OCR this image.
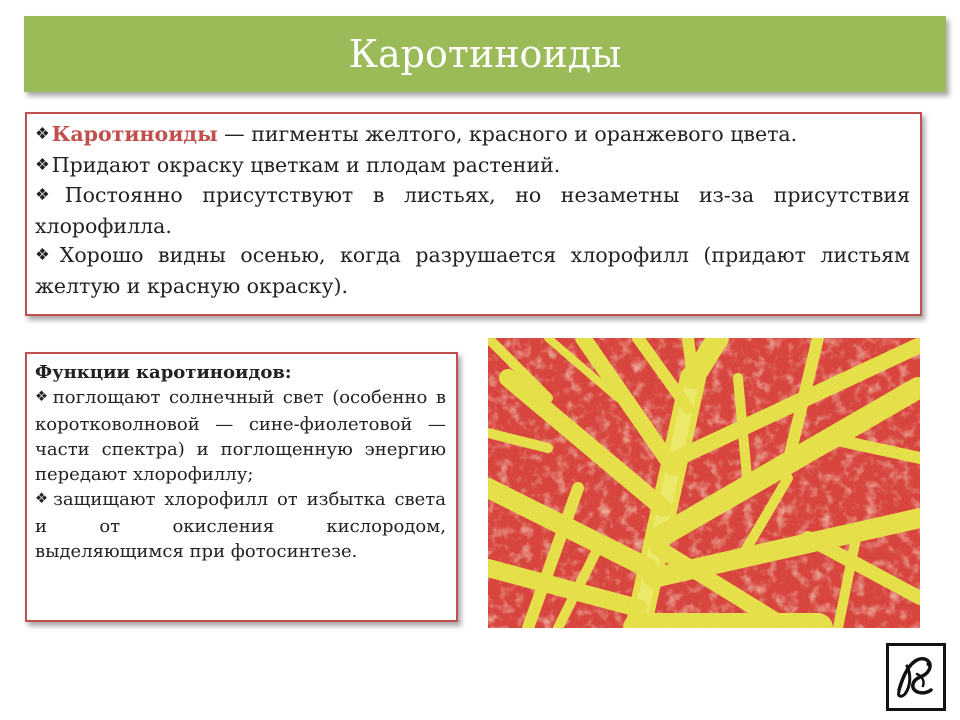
Каротиноиды

❖Каротиноиды — пигменты желтого, красного и оранжевого цвета.

❖Придают окраску цветкам и плодам растений.

❖Постоянно присутствуют в листьях, но незаметны из-за присутствия хлорофилла.

❖Хорошо видны осенью, когда разрушается хлорофилл (придают листьям желтую и красную окраску).

Функции каротиноидов:

❖ поглощают солнечный свет (особенно в коротковолновой — сине-фиолетовой — части спектра) и поглощенную энергию передают хлорофиллу;

❖ защищают хлорофилл от избытка света и от окисления кислородом, выделяющимся при фотосинтезе.
